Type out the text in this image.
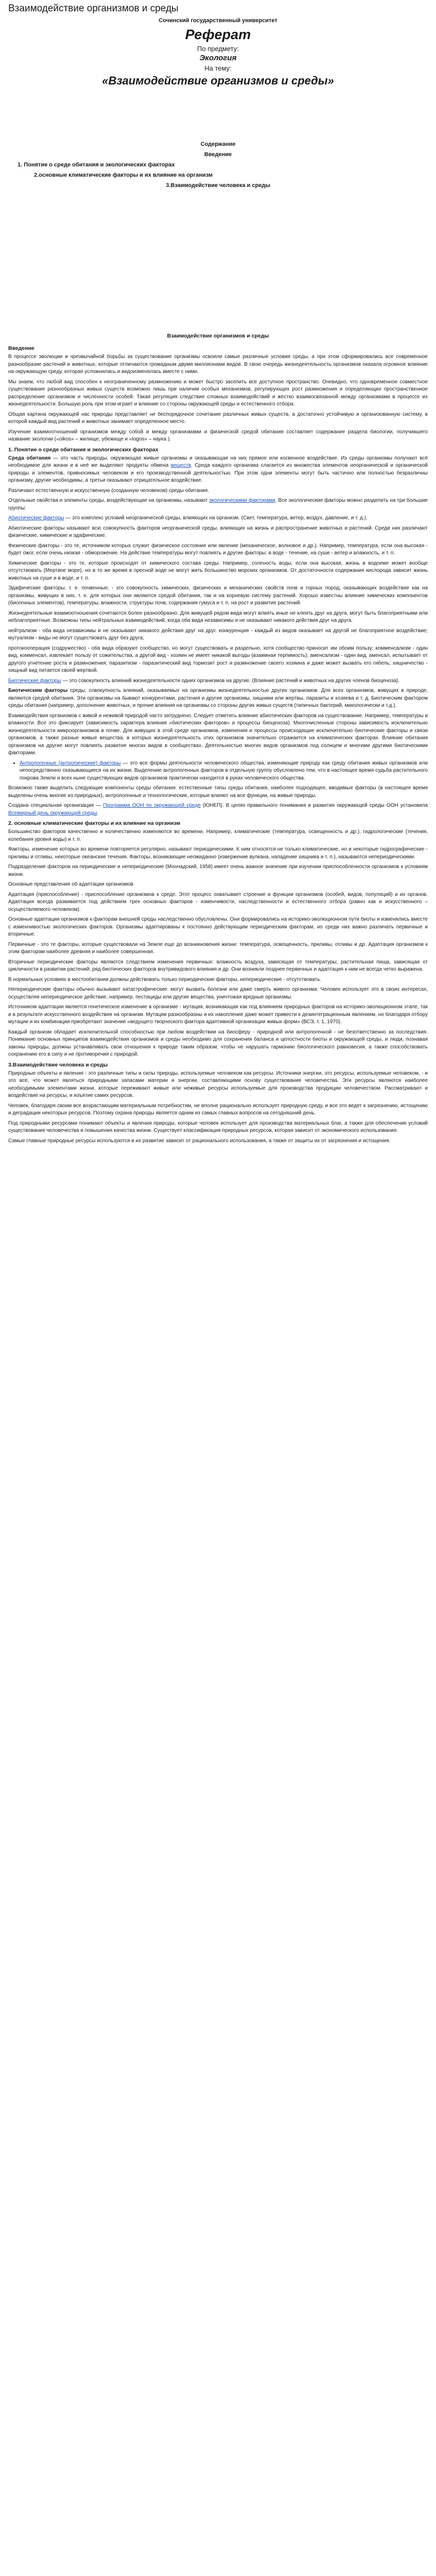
Взаимодействие организмов и среды
Сочинский государственный университет
Реферат
По предмету:
Экология
На тему:
«Взаимодействие организмов и среды»
Содержание
Введение
1. Понятие о среде обитания и экологических факторах
2.основные климатические факторы и их влияние на организм
3.Взаимодействие человека и среды
Взаимодействие организмов и среды
Введение

В процессе эволюции и чрезвычайной борьбы за существование организмы освоили самые различные условия среды, а при этом сформировались все современное разнообразие растений и животных, которые отличаются громадным двумя миллионами видов. В свою очередь жизнедеятельность организмов оказала огромное влияние на окружающую среду, которая усложнилась и видоизменялась вместе с ними.

Мы знаем, что любой вид способен к неограниченному размножению и может быстро заселить все доступное пространство. Очевидно, что одновременное совместное существование разнообразных живых существ возможно лишь при наличии особых механизмов, регулирующих рост размножения и определяющих пространственное распределение организмов и численности особей. Такая регуляция следствие сложных взаимодействий и жестко взаимосвязанной между организмами в процессе их жизнедеятельности. Большую роль при этом играет и влияние со стороны окружающей среды и естественного отбора.

Общая картина окружающей нас природы представляет не беспорядочное сочетание различных живых существ, а достаточно устойчивую и организованную систему, в которой каждый вид растений и животных занимает определенное место.

Изучение взаимоотношений организмов между собой и между организмами и физической средой обитания составляет содержание раздела биологии, получившего название экологии («oikos» – жилище, убежище и «logos» – наука ).

1. Понятие о среде обитания и экологических факторах

Среда обитания — это часть природы, окружающая живые организмы и оказывающая на них прямое или косвенное воздействие. Из среды организмы получают всё необходимое для жизни и в неё же выделяют продукты обмена веществ. Среда каждого организма слагается из множества элементов неорганической и органической природы и элементов, привносимых человеком и его производственной деятельностью. При этом одни элементы могут быть частично или полностью безразличны организму, другие необходимы, а третьи оказывают отрицательное воздействие.

Различают естественную и искусственную (созданную человеком) среды обитания.

Отдельные свойства и элементы среды, воздействующие на организмы, называют экологическими факторами. Все экологические факторы можно разделить на три большие группы:

Абиотические факторы — это комплекс условий неорганической среды, влияющих на организм. (Свет, температура, ветер, воздух, давление, и т. д.).

Абиотические факторы называют всю совокупность факторов неорганической среды, влияющих на жизнь и распространение животных и растений. Среди них различают физические, химические и эдафические.

Физические факторы - это те, источником которых служит физическое состояние или явление (механическое, волновое и др.). Например, температура, если она высокая - будет ожог, если очень низкая - обморожение. На действие температуры могут повлиять и другие факторы: в воде - течение, на суше - ветер и влажность, и т. п.

Химические факторы - это те, которые происходят от химического состава среды. Например, соленость воды, если она высокая, жизнь в водоеме может вообще отсутствовать (Мертвое море), но в то же время в пресной воде не могут жить большинство морских организмов. От достаточности содержания кислорода зависит жизнь животных на суше и в воде, и т. п.

Эдафические факторы, т. е. почвенные, - это совокупность химических, физических и механических свойств почв и горных пород, оказывающих воздействие как на организмы, живущих в них, т. е. для которых они являются средой обитания, так и на корневую систему растений. Хорошо известны влияние химических компонентов (биогенных элементов), температуры, влажности, структуры почв, содержания гумуса и т. п. на рост и развитие растений.

Жизнедеятельные взаимоотношения сочетаются более разнообразно. Для живущей рядом вида могут влиять иные не клеить друг на друга, могут быть благоприятными или неблагоприятные. Возможны типы нейтральных взаимодействий, когда оба вида независимы и не оказывают никакого действия друг на друга.

нейтрализм - оба вида независимы и не оказывают никакого действия друг на друг. конкуренция - каждый из видов оказывает на другой не благоприятное воздействие; мутуализм - виды не могут существовать друг без друга;

протокооперация (содружество) - оба вида образуют сообщество, но могут существовать и раздельно, хотя сообщество приносит им обоим пользу; комменсализм - один вид, комменсал, извлекает пользу от сожительства, а другой вид - хозяин не имеет никакой выгоды (взаимная терпимость); аменсализм - один вид, аменсал, испытывает от другого угнетение роста и размножения; паразитизм - паразитический вид тормозит рост и размножение своего хозяина и даже может вызвать его гибель; хищничество - хищный вид питается своей жертвой.

Биотические факторы — это совокупность влияний жизнедеятельности одних организмов на другие. (Влияние растений и животных на других членов биоценоза).

Биотическим факторы среды, совокупность влияний, оказываемых на организмы жизнедеятельностью других организмов. Для всех организмов, живущих в природе, являются средой обитания. Эти организмы на бывают конкурентами, растения и другие организмы, хищники или жертвы, паразиты и хозяева и т. д. Биотическим фактором среды обитания (например, дополнение животных, и прочие влияния на организмы со стороны других живых существ (типичных бактерий, микологически и т.д.).

Взаимодействия организмов с живой и неживой природой часто затруднено. Следует отметить влияние абиотических факторов на существование. Например, температуры и влажности. Все это фиксирует (зависимость характера влияния «биотических факторов» и процессы биоценоза). Многочисленные стороны зависимость исключительно жизнедеятельности микроорганизмов в почве. Для живущих в этой среде организмов, изменения и процессы происходящие исключительно биотические факторы и связи организмов, а также разные живые вещества, в которых жизнедеятельность этих организмов значительно отражается на климатических факторах. Влияние обитания организмов на другие могут повлиять развитие многих видов в сообществах. Деятельностью многих видов организмов под солнцем и многими другими биотическими факторами.

• Антропогенные (антропические) факторы — это все формы деятельности человеческого общества, изменяющие природу как среду обитания живых организмов или непосредственно сказывающиеся на их жизни. Выделение антропогенных факторов в отдельную группу обусловлено тем, что в настоящее время судьба растительного покрова Земли и всех ныне существующих видов организмов практически находится в руках человеческого общества.

Возможно также выделить следующие компоненты среды обитания: естественные типы среды обитания, наиболее подходящее, вводимые факторы (в настоящее время выделены очень многие из природных), антропогенные и технологические, которые влияют на все функции, на живые природы.

Создана специальная организация — Программа ООН по окружающей среде (ЮНЕП). В целях правильного понимания и развития окружающей среды ООН установила Всемирный день окружающей среды.

2. основные климатические факторы и их влияние на организм

Большинство факторов качественно и количественно изменяются во времени. Например, климатические (температура, освещенность и др.), гидрологические (течения, колебания уровня воды) и т. п.

Факторы, изменение которых во времени повторяется регулярно, называют периодическими. К ним относятся не только климатические, но и некоторые гидрографические - приливы и отливы, некоторые океанские течения. Факторы, возникающие неожиданно (извержение вулкана, нападение хищника и т. п.), называются непериодическими.

Подразделение факторов на периодические и непериодические (Мончадский, 1958) имеет очень важное значение при изучении приспособленности организмов к условиям жизни.

Основные представления об адаптации организмов

Адаптация (приспособление) - приспособление организмов к среде. Этот процесс охватывает строение и функции организмов (особей, видов, популяций) и их органов. Адаптация всегда развивается под действием трех основных факторов - изменчивости, наследственности и естественного отбора (равно как и искусственного – осуществляемого человеком).

Основные адаптации организмов к факторам внешней среды наследственно обусловлены. Они формировались на историко-эволюционном пути биоты и изменялись вместе с изменчивостью экологических факторов. Организмы адаптированы к постоянно действующим периодическим факторам, но среди них важно различать первичные и вторичные.

Первичные - это те факторы, которые существовали на Земле еще до возникновения жизни: температура, освещенность, приливы, отливы и др. Адаптация организмов к этим факторам наиболее древняя и наиболее совершенная.

Вторичные периодические факторы являются следствием изменения первичных: влажность воздуха, зависящая от температуры; растительная пища, зависящая от цикличности в развитии растений; ряд биотических факторов внутривидового влияния и др. Они возникли позднее первичных и адаптация к ним не всегда четко выражена.

В нормальных условиях в местообитании должны действовать только периодические факторы, непериодические - отсутствовать.

Непериодические факторы обычно вызывают катастрофические: могут вызвать болезни или даже смерть живого организма. Человек использует это в своих интересах, осуществляя непериодическое действие, например, пестициды или другие вещества, уничтожая вредные организмы.

Источником адаптации является генетическое изменение в организме - мутация, возникающая как под влиянием природных факторов на историко-эволюционном этапе, так и в результате искусственного воздействия на организм. Мутации разнообразны и их накопление даже может привести к дезинтеграционным явлениям, но благодаря отбору мутации и их комбинации приобретают значение «ведущего творческого фактора адаптивной организации живых форм» (ВСЭ, т. 1, 1970).

Каждый организм обладает исключительной способностью при любом воздействии на биосферу - природной или антропогенной - не безответственно за последствия. Понимание основных принципов взаимодействия организмов и среды необходимо для сохранения баланса и целостности биоты и окружающей среды, и люди, познавая законы природы, должны устанавливать свои отношения к природе таким образом, чтобы не нарушать гармонию биологического равновесия, а также способствовать сохранению его в силу и не противоречия с природой.

3.Взаимодействие человека и среды

Природные объекты и явления - это различные типы и силы природы, используемые человеком как ресурсы. Источники энергии, это ресурсы, используемые человеком, - и это все, что может являться природными запасами материи и энергии, составляющими основу существования человечества. Эти ресурсы являются наиболее необходимыми элементами жизни, которые переживают живые или неживые ресурсы используемые для производства продукции человечеством. Рассматривают и воздействие на ресурсы, и изъятие самих ресурсов.

Человек, благодаря своим все возрастающим материальным потребностям, не вполне рационально использует природную среду, и все это ведет к загрязнению, истощению и деградации некоторых ресурсов. Поэтому охрана природы является одним из самых главных вопросов на сегодняшний день.

Под природными ресурсами понимают объекты и явления природы, которые человек использует для производства материальных благ, а также для обеспечения условий существования человечества и повышения качества жизни. Существует классификация природных ресурсов, которая зависит от экономического использования.

Самые главные природные ресурсы используются и их развитие зависит от рационального использования, а также от защиты их от загрязнения и истощения.
